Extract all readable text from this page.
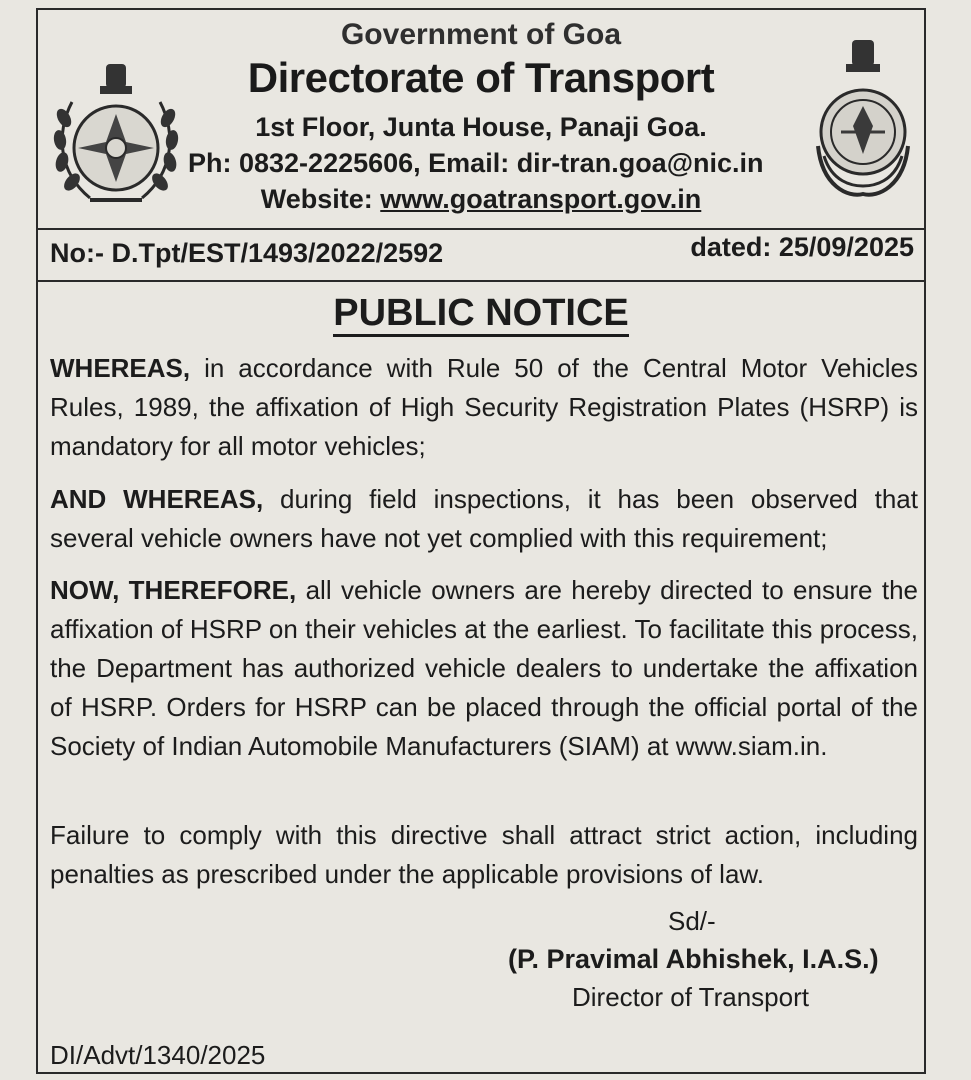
Government of Goa
Directorate of Transport
1st Floor, Junta House, Panaji Goa.
Ph: 0832-2225606, Email: dir-tran.goa@nic.in
Website: www.goatransport.gov.in
No:- D.Tpt/EST/1493/2022/2592	dated: 25/09/2025
PUBLIC NOTICE
WHEREAS, in accordance with Rule 50 of the Central Motor Vehicles Rules, 1989, the affixation of High Security Registration Plates (HSRP) is mandatory for all motor vehicles;
AND WHEREAS, during field inspections, it has been observed that several vehicle owners have not yet complied with this requirement;
NOW, THEREFORE, all vehicle owners are hereby directed to ensure the affixation of HSRP on their vehicles at the earliest. To facilitate this process, the Department has authorized vehicle dealers to undertake the affixation of HSRP. Orders for HSRP can be placed through the official portal of the Society of Indian Automobile Manufacturers (SIAM) at www.siam.in.
Failure to comply with this directive shall attract strict action, including penalties as prescribed under the applicable provisions of law.
Sd/-
(P. Pravimal Abhishek, I.A.S.)
Director of Transport
DI/Advt/1340/2025
